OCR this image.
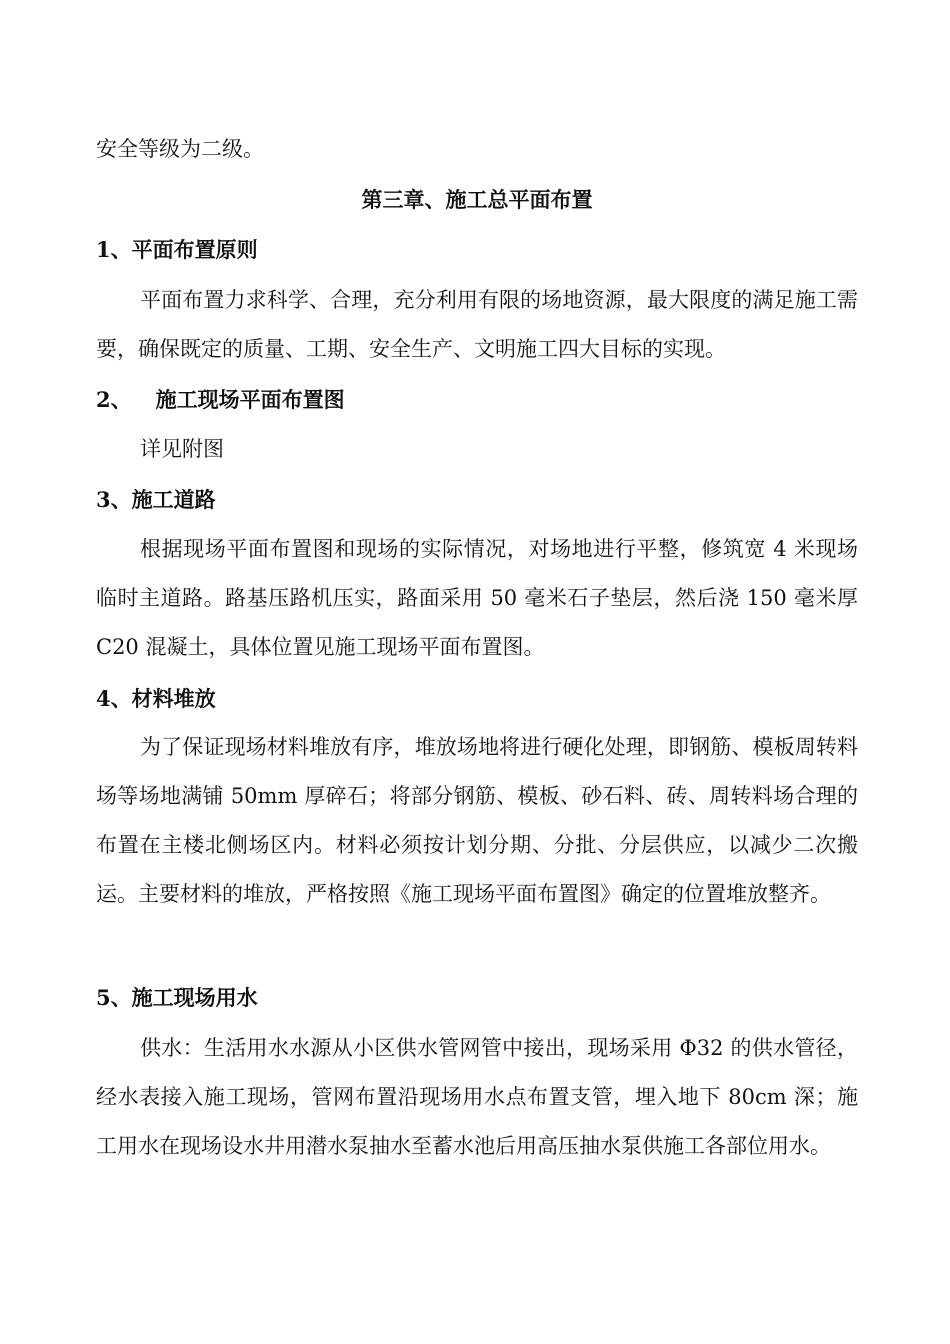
安全等级为二级。
第三章、施工总平面布置
1、平面布置原则
平面布置力求科学、合理，充分利用有限的场地资源，最大限度的满足施工需要，确保既定的质量、工期、安全生产、文明施工四大目标的实现。
2、 施工现场平面布置图
详见附图
3、施工道路
根据现场平面布置图和现场的实际情况，对场地进行平整，修筑宽 4 米现场临时主道路。路基压路机压实，路面采用 50 毫米石子垫层，然后浇 150 毫米厚 C20 混凝土，具体位置见施工现场平面布置图。
4、材料堆放
为了保证现场材料堆放有序，堆放场地将进行硬化处理，即钢筋、模板周转料场等场地满铺 50mm 厚碎石；将部分钢筋、模板、砂石料、砖、周转料场合理的布置在主楼北侧场区内。材料必须按计划分期、分批、分层供应，以减少二次搬运。主要材料的堆放，严格按照《施工现场平面布置图》确定的位置堆放整齐。
5、施工现场用水
供水：生活用水水源从小区供水管网管中接出，现场采用 Φ32 的供水管径，经水表接入施工现场，管网布置沿现场用水点布置支管，埋入地下 80cm 深；施工用水在现场设水井用潜水泵抽水至蓄水池后用高压抽水泵供施工各部位用水。
